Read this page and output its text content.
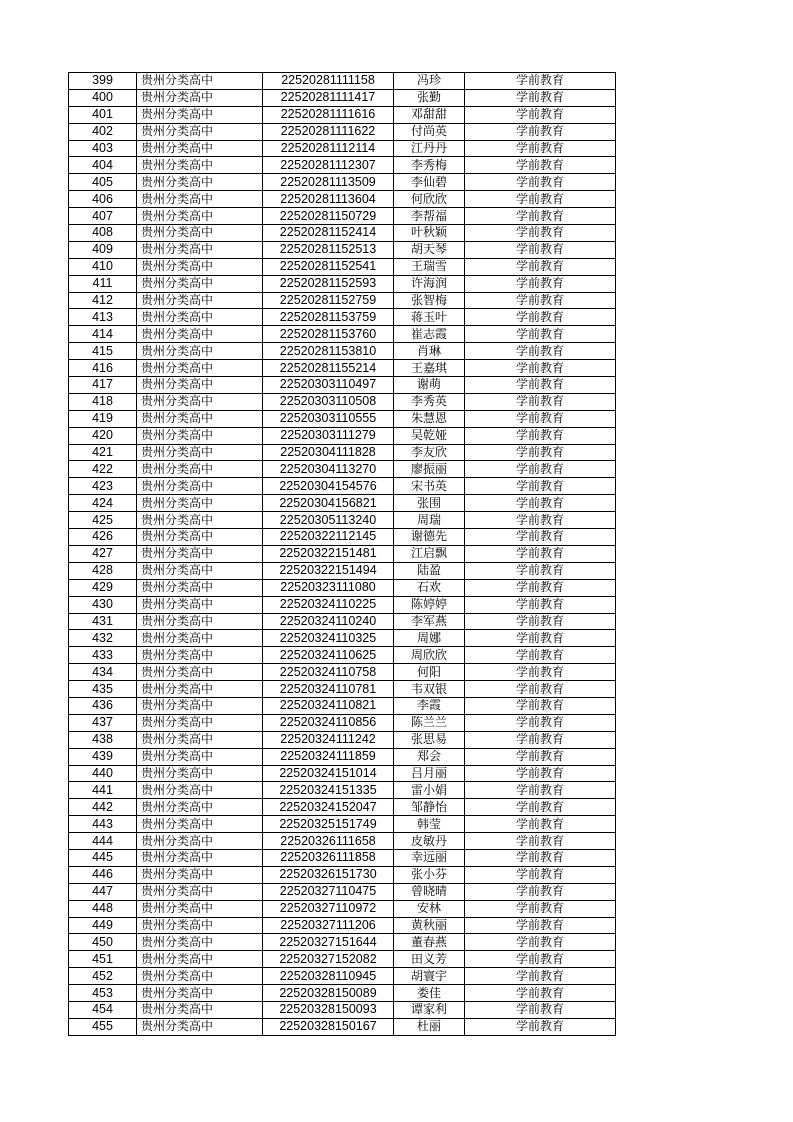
399	贵州分类高中	22520281111158	冯珍	学前教育
400	贵州分类高中	22520281111417	张勤	学前教育
401	贵州分类高中	22520281111616	邓甜甜	学前教育
402	贵州分类高中	22520281111622	付尚英	学前教育
403	贵州分类高中	22520281112114	江丹丹	学前教育
404	贵州分类高中	22520281112307	李秀梅	学前教育
405	贵州分类高中	22520281113509	李仙碧	学前教育
406	贵州分类高中	22520281113604	何欣欣	学前教育
407	贵州分类高中	22520281150729	李帮福	学前教育
408	贵州分类高中	22520281152414	叶秋颖	学前教育
409	贵州分类高中	22520281152513	胡天琴	学前教育
410	贵州分类高中	22520281152541	王瑞雪	学前教育
411	贵州分类高中	22520281152593	许海润	学前教育
412	贵州分类高中	22520281152759	张智梅	学前教育
413	贵州分类高中	22520281153759	蒋玉叶	学前教育
414	贵州分类高中	22520281153760	崔志霞	学前教育
415	贵州分类高中	22520281153810	肖琳	学前教育
416	贵州分类高中	22520281155214	王嘉琪	学前教育
417	贵州分类高中	22520303110497	谢萌	学前教育
418	贵州分类高中	22520303110508	李秀英	学前教育
419	贵州分类高中	22520303110555	朱慧恩	学前教育
420	贵州分类高中	22520303111279	吴乾娅	学前教育
421	贵州分类高中	22520304111828	李友欣	学前教育
422	贵州分类高中	22520304113270	廖振丽	学前教育
423	贵州分类高中	22520304154576	宋书英	学前教育
424	贵州分类高中	22520304156821	张围	学前教育
425	贵州分类高中	22520305113240	周瑞	学前教育
426	贵州分类高中	22520322112145	谢德先	学前教育
427	贵州分类高中	22520322151481	江启飘	学前教育
428	贵州分类高中	22520322151494	陆盈	学前教育
429	贵州分类高中	22520323111080	石欢	学前教育
430	贵州分类高中	22520324110225	陈婷婷	学前教育
431	贵州分类高中	22520324110240	李军燕	学前教育
432	贵州分类高中	22520324110325	周娜	学前教育
433	贵州分类高中	22520324110625	周欣欣	学前教育
434	贵州分类高中	22520324110758	何阳	学前教育
435	贵州分类高中	22520324110781	韦双银	学前教育
436	贵州分类高中	22520324110821	李霞	学前教育
437	贵州分类高中	22520324110856	陈兰兰	学前教育
438	贵州分类高中	22520324111242	张思易	学前教育
439	贵州分类高中	22520324111859	郑会	学前教育
440	贵州分类高中	22520324151014	吕月丽	学前教育
441	贵州分类高中	22520324151335	雷小娟	学前教育
442	贵州分类高中	22520324152047	邹静怡	学前教育
443	贵州分类高中	22520325151749	韩莹	学前教育
444	贵州分类高中	22520326111658	皮敏丹	学前教育
445	贵州分类高中	22520326111858	幸远丽	学前教育
446	贵州分类高中	22520326151730	张小芬	学前教育
447	贵州分类高中	22520327110475	曾晓晴	学前教育
448	贵州分类高中	22520327110972	安林	学前教育
449	贵州分类高中	22520327111206	黄秋丽	学前教育
450	贵州分类高中	22520327151644	董春燕	学前教育
451	贵州分类高中	22520327152082	田义芳	学前教育
452	贵州分类高中	22520328110945	胡寰宇	学前教育
453	贵州分类高中	22520328150089	娄佳	学前教育
454	贵州分类高中	22520328150093	谭家利	学前教育
455	贵州分类高中	22520328150167	杜丽	学前教育
